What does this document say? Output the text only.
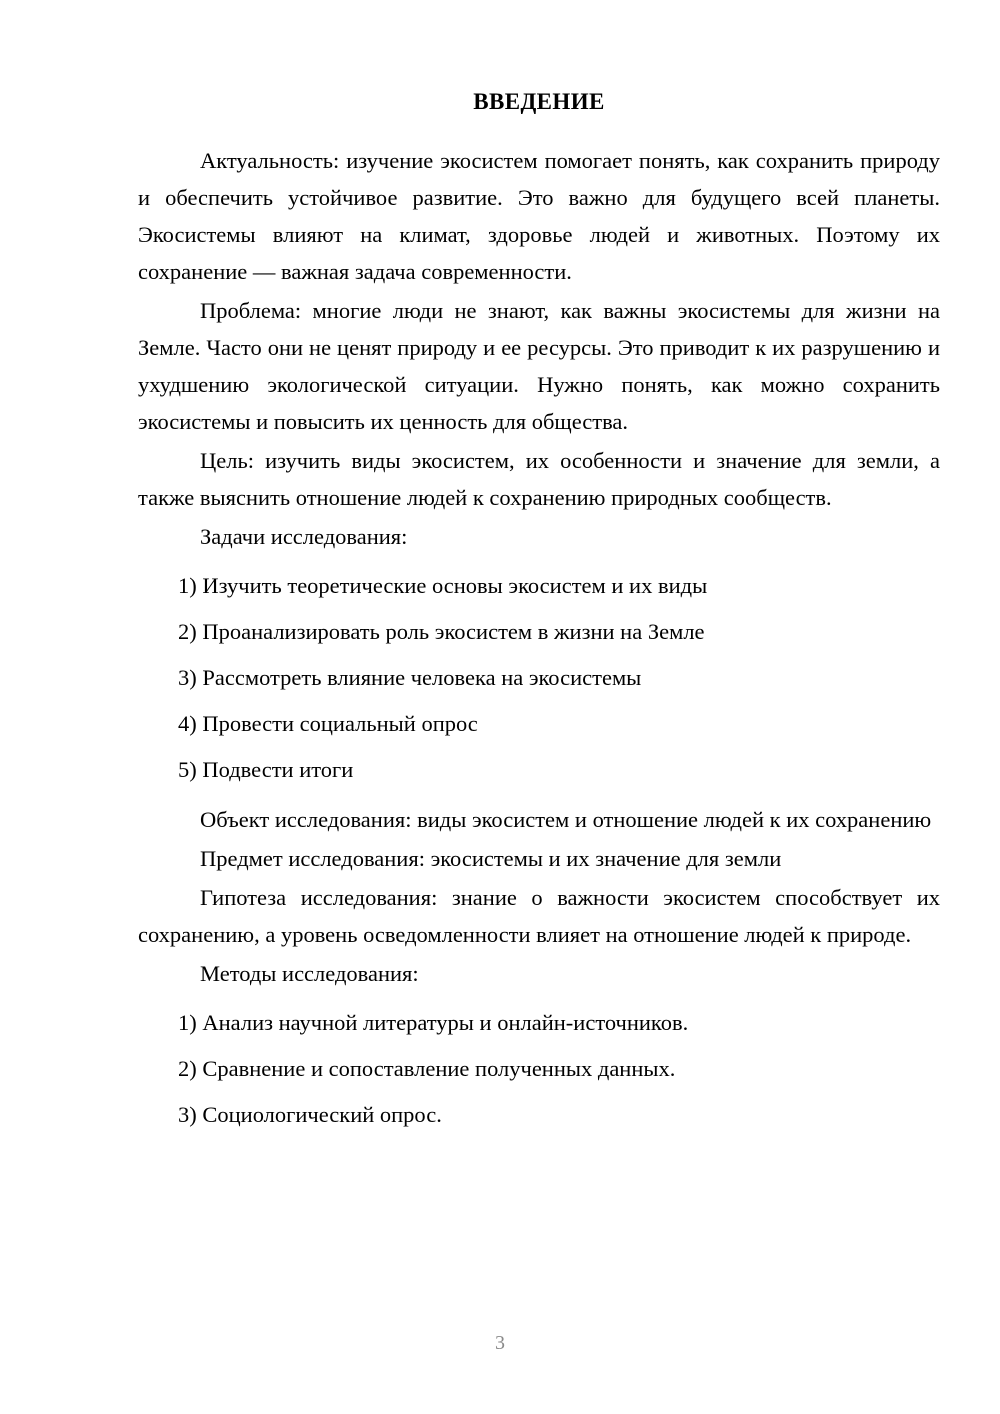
ВВЕДЕНИЕ

Актуальность: изучение экосистем помогает понять, как сохранить природу и обеспечить устойчивое развитие. Это важно для будущего всей планеты. Экосистемы влияют на климат, здоровье людей и животных. Поэтому их сохранение — важная задача современности.

Проблема: многие люди не знают, как важны экосистемы для жизни на Земле. Часто они не ценят природу и ее ресурсы. Это приводит к их разрушению и ухудшению экологической ситуации. Нужно понять, как можно сохранить экосистемы и повысить их ценность для общества.

Цель: изучить виды экосистем, их особенности и значение для земли, а также выяснить отношение людей к сохранению природных сообществ.

Задачи исследования:

1) Изучить теоретические основы экосистем и их виды
2) Проанализировать роль экосистем в жизни на Земле
3) Рассмотреть влияние человека на экосистемы
4) Провести социальный опрос
5) Подвести итоги

Объект исследования: виды экосистем и отношение людей к их сохранению

Предмет исследования: экосистемы и их значение для земли

Гипотеза исследования: знание о важности экосистем способствует их сохранению, а уровень осведомленности влияет на отношение людей к природе.

Методы исследования:

1) Анализ научной литературы и онлайн-источников.
2) Сравнение и сопоставление полученных данных.
3) Социологический опрос.
3
